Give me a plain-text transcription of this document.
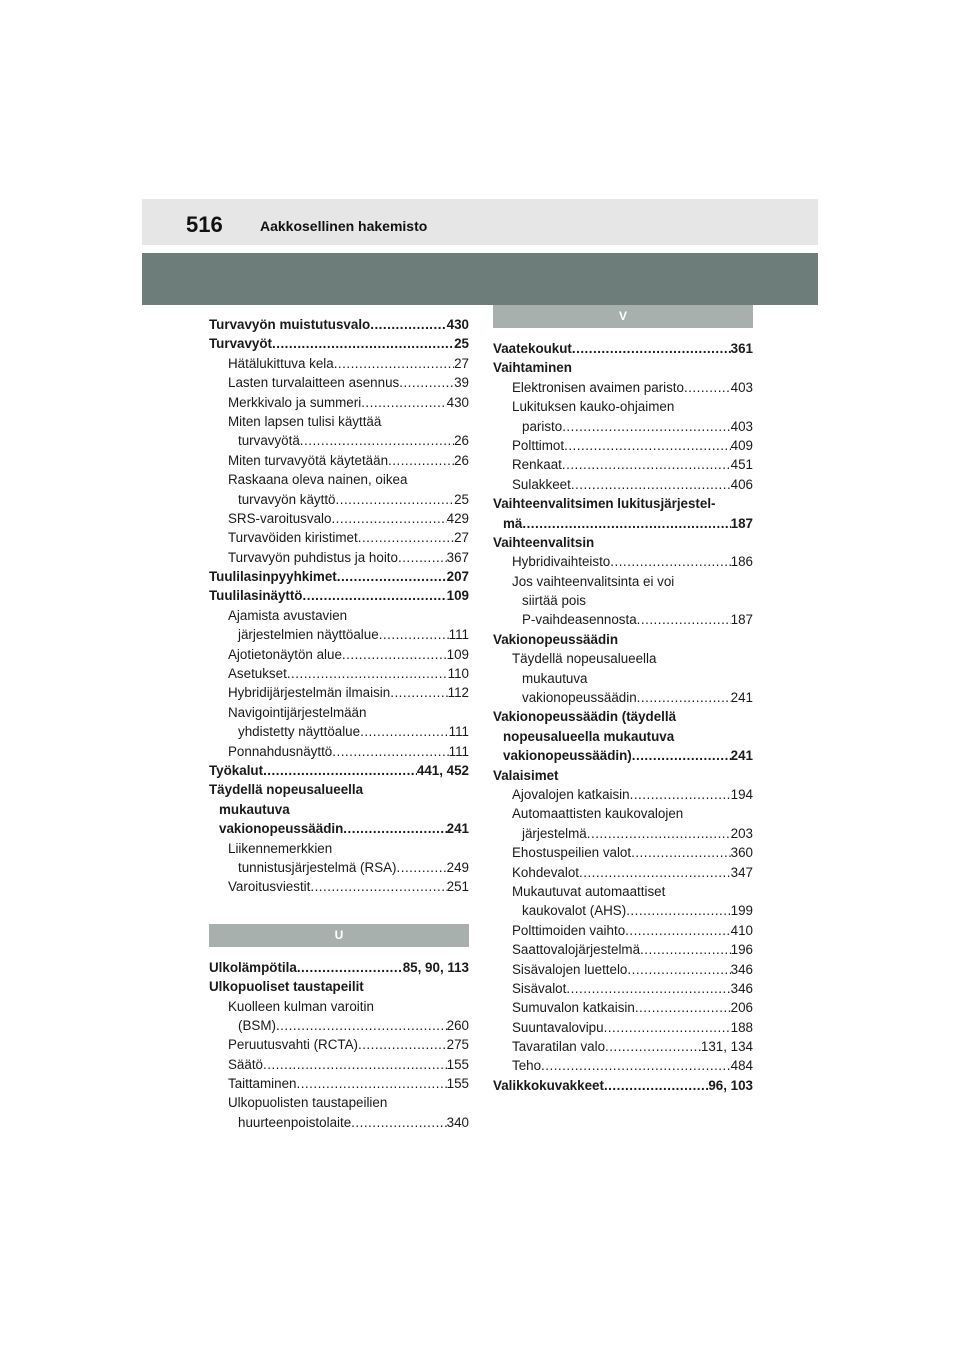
516	Aakkosellinen hakemisto
Turvavyön muistutusvalo .....	430
Turvavyöt .....	25
Hätälukittuva kela .....	27
Lasten turvalaitteen asennus .....	39
Merkkivalo ja summeri .....	430
Miten lapsen tulisi käyttää
turvavyötä .....	26
Miten turvavyötä käytetään .....	26
Raskaana oleva nainen, oikea
turvavyön käyttö .....	25
SRS-varoitusvalo .....	429
Turvavöiden kiristimet .....	27
Turvavyön puhdistus ja hoito .....	367
Tuulilasinpyyhkimet .....	207
Tuulilasinäyttö .....	109
Ajamista avustavien
järjestelmien näyttöalue .....	111
Ajotietonäytön alue .....	109
Asetukset .....	110
Hybridijärjestelmän ilmaisin .....	112
Navigointijärjestelmään
yhdistetty näyttöalue .....	111
Ponnahdusnäyttö .....	111
Työkalut .....	441, 452
Täydellä nopeusalueella
mukautuva
vakionopeussäädin .....	241
Liikennemerkkien
tunnistusjärjestelmä (RSA) .....	249
Varoitusviestit .....	251
U
Ulkolämpötila .....	85, 90, 113
Ulkopuoliset taustapeilit
Kuolleen kulman varoitin
(BSM) .....	260
Peruutusvahti (RCTA) .....	275
Säätö .....	155
Taittaminen .....	155
Ulkopuolisten taustapeilien
huurteenpoistolaite .....	340
V
Vaatekoukut .....	361
Vaihtaminen
Elektronisen avaimen paristo .....	403
Lukituksen kauko-ohjaimen
paristo .....	403
Polttimot .....	409
Renkaat .....	451
Sulakkeet .....	406
Vaihteenvalitsimen lukitusjärjestel-
mä .....	187
Vaihteenvalitsin
Hybridivaihteisto .....	186
Jos vaihteenvalitsinta ei voi
siirtää pois
P-vaihdeasennosta .....	187
Vakionopeussäädin
Täydellä nopeusalueella
mukautuva
vakionopeussäädin .....	241
Vakionopeussäädin (täydellä
nopeusalueella mukautuva
vakionopeussäädin) .....	241
Valaisimet
Ajovalojen katkaisin .....	194
Automaattisten kaukovalojen
järjestelmä .....	203
Ehostuspeilien valot .....	360
Kohdevalot .....	347
Mukautuvat automaattiset
kaukovalot (AHS) .....	199
Polttimoiden vaihto .....	410
Saattovalojärjestelmä .....	196
Sisävalojen luettelo .....	346
Sisävalot .....	346
Sumuvalon katkaisin .....	206
Suuntavalovipu .....	188
Tavaratilan valo .....	131, 134
Teho .....	484
Valikkokuvakkeet .....	96, 103
